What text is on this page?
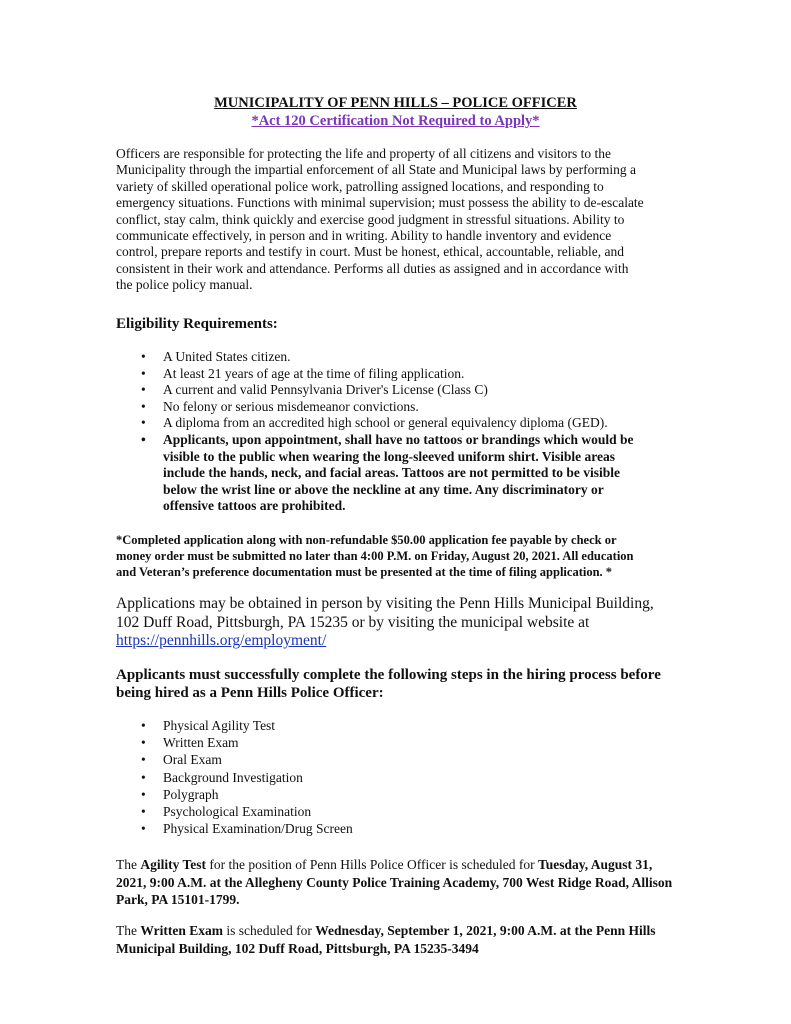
MUNICIPALITY OF PENN HILLS – POLICE OFFICER
*Act 120 Certification Not Required to Apply*

Officers are responsible for protecting the life and property of all citizens and visitors to the Municipality through the impartial enforcement of all State and Municipal laws by performing a variety of skilled operational police work, patrolling assigned locations, and responding to emergency situations. Functions with minimal supervision; must possess the ability to de-escalate conflict, stay calm, think quickly and exercise good judgment in stressful situations. Ability to communicate effectively, in person and in writing. Ability to handle inventory and evidence control, prepare reports and testify in court. Must be honest, ethical, accountable, reliable, and consistent in their work and attendance. Performs all duties as assigned and in accordance with the police policy manual.

Eligibility Requirements:
• A United States citizen.
• At least 21 years of age at the time of filing application.
• A current and valid Pennsylvania Driver's License (Class C)
• No felony or serious misdemeanor convictions.
• A diploma from an accredited high school or general equivalency diploma (GED).
• Applicants, upon appointment, shall have no tattoos or brandings which would be visible to the public when wearing the long-sleeved uniform shirt. Visible areas include the hands, neck, and facial areas. Tattoos are not permitted to be visible below the wrist line or above the neckline at any time. Any discriminatory or offensive tattoos are prohibited.

*Completed application along with non-refundable $50.00 application fee payable by check or money order must be submitted no later than 4:00 P.M. on Friday, August 20, 2021. All education and Veteran’s preference documentation must be presented at the time of filing application. *

Applications may be obtained in person by visiting the Penn Hills Municipal Building, 102 Duff Road, Pittsburgh, PA 15235 or by visiting the municipal website at
https://pennhills.org/employment/

Applicants must successfully complete the following steps in the hiring process before being hired as a Penn Hills Police Officer:
• Physical Agility Test
• Written Exam
• Oral Exam
• Background Investigation
• Polygraph
• Psychological Examination
• Physical Examination/Drug Screen

The Agility Test for the position of Penn Hills Police Officer is scheduled for Tuesday, August 31, 2021, 9:00 A.M. at the Allegheny County Police Training Academy, 700 West Ridge Road, Allison Park, PA 15101-1799.

The Written Exam is scheduled for Wednesday, September 1, 2021, 9:00 A.M. at the Penn Hills Municipal Building, 102 Duff Road, Pittsburgh, PA 15235-3494
